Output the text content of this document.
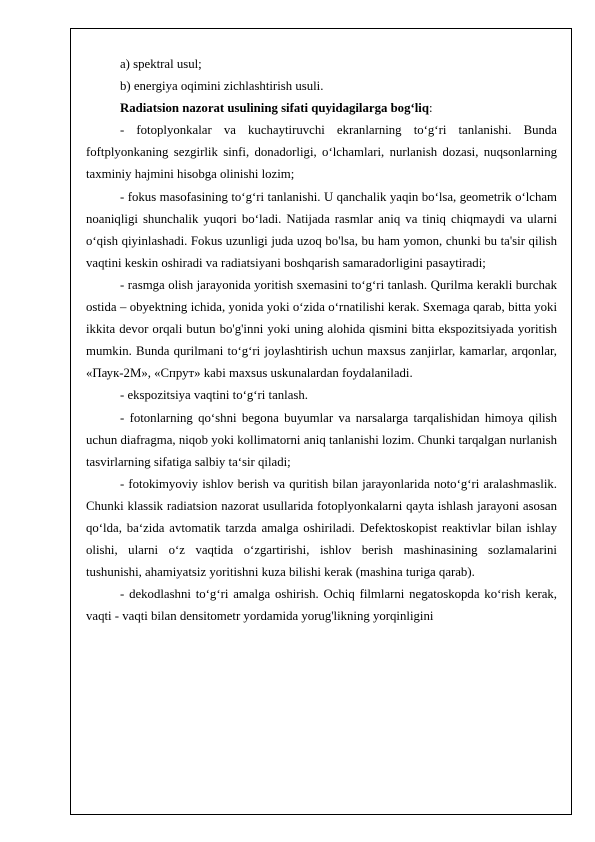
a) spektral usul;
b) energiya oqimini zichlashtirish usuli.
Radiatsion nazorat usulining sifati quyidagilarga bog‘liq:

- fotoplyonkalar va kuchaytiruvchi ekranlarning to‘g‘ri tanlanishi. Bunda foftplyonkaning sezgirlik sinfi, donadorligi, o‘lchamlari, nurlanish dozasi, nuqsonlarning taxminiy hajmini hisobga olinishi lozim;

- fokus masofasining to‘g‘ri tanlanishi. U qanchalik yaqin bo‘lsa, geometrik o‘lcham noaniqligi shunchalik yuqori bo‘ladi. Natijada rasmlar aniq va tiniq chiqmaydi va ularni o‘qish qiyinlashadi. Fokus uzunligi juda uzoq bo'lsa, bu ham yomon, chunki bu ta'sir qilish vaqtini keskin oshiradi va radiatsiyani boshqarish samaradorligini pasaytiradi;

- rasmga olish jarayonida yoritish sxemasini to‘g‘ri tanlash. Qurilma kerakli burchak ostida – obyektning ichida, yonida yoki o‘zida o‘rnatilishi kerak. Sxemaga qarab, bitta yoki ikkita devor orqali butun bo'g'inni yoki uning alohida qismini bitta ekspozitsiyada yoritish mumkin. Bunda qurilmani to‘g‘ri joylashtirish uchun maxsus zanjirlar, kamarlar, arqonlar, «Паук-2М», «Спрут» kabi maxsus uskunalardan foydalaniladi.

- ekspozitsiya vaqtini to‘g‘ri tanlash.

- fotonlarning qo‘shni begona buyumlar va narsalarga tarqalishidan himoya qilish uchun diafragma, niqob yoki kollimatorni aniq tanlanishi lozim. Chunki tarqalgan nurlanish tasvirlarning sifatiga salbiy ta‘sir qiladi;

- fotokimyoviy ishlov berish va quritish bilan jarayonlarida noto‘g‘ri aralashmaslik. Chunki klassik radiatsion nazorat usullarida fotoplyonkalarni qayta ishlash jarayoni asosan qo‘lda, ba‘zida avtomatik tarzda amalga oshiriladi. Defektoskopist reaktivlar bilan ishlay olishi, ularni o‘z vaqtida o‘zgartirishi, ishlov berish mashinasining sozlamalarini tushunishi, ahamiyatsiz yoritishni kuza bilishi kerak (mashina turiga qarab).

- dekodlashni to‘g‘ri amalga oshirish. Ochiq filmlarni negatoskopda ko‘rish kerak, vaqti - vaqti bilan densitometr yordamida yorug'likning yorqinligini
